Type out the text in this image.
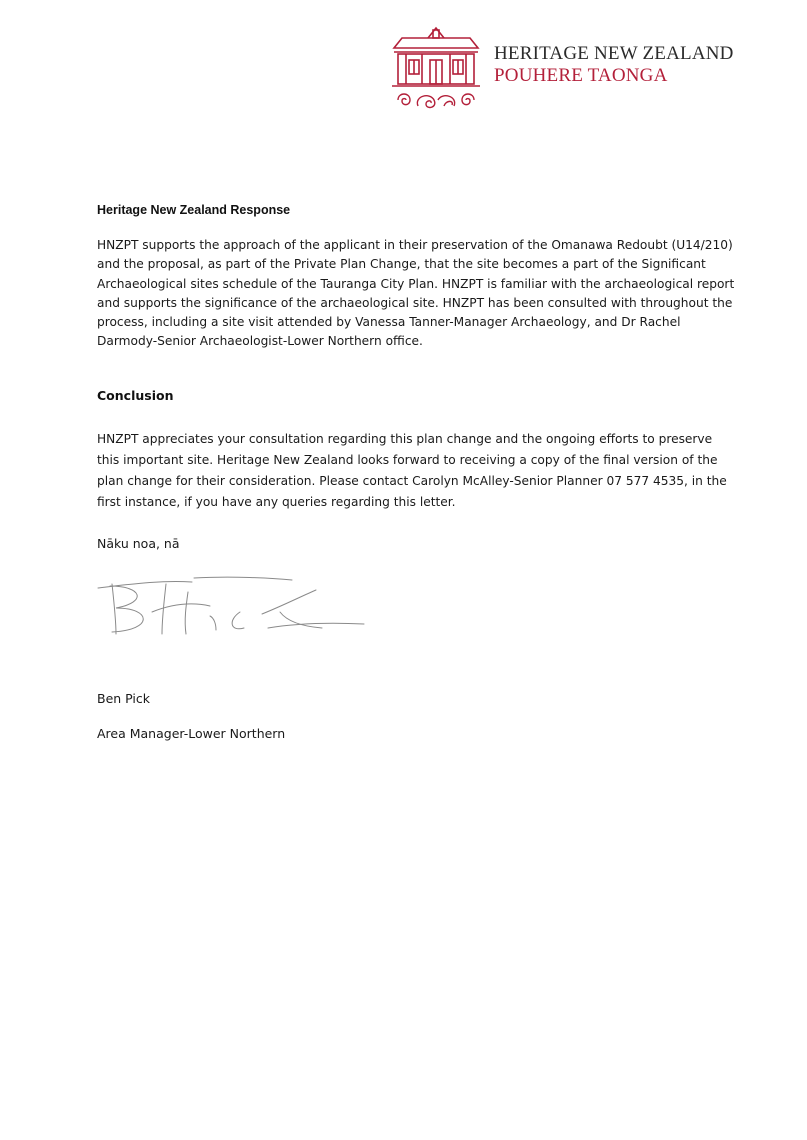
HERITAGE NEW ZEALAND
POUHERE TAONGA
Heritage New Zealand Response
HNZPT supports the approach of the applicant in their preservation of the Omanawa Redoubt (U14/210) and the proposal, as part of the Private Plan Change, that the site becomes a part of the Significant Archaeological sites schedule of the Tauranga City Plan. HNZPT is familiar with the archaeological report and supports the significance of the archaeological site. HNZPT has been consulted with throughout the process, including a site visit attended by Vanessa Tanner-Manager Archaeology, and Dr Rachel Darmody-Senior Archaeologist-Lower Northern office.
Conclusion
HNZPT appreciates your consultation regarding this plan change and the ongoing efforts to preserve this important site. Heritage New Zealand looks forward to receiving a copy of the final version of the plan change for their consideration. Please contact Carolyn McAlley-Senior Planner 07 577 4535, in the first instance, if you have any queries regarding this letter.
Nāku noa, nā
Ben Pick
Area Manager-Lower Northern
